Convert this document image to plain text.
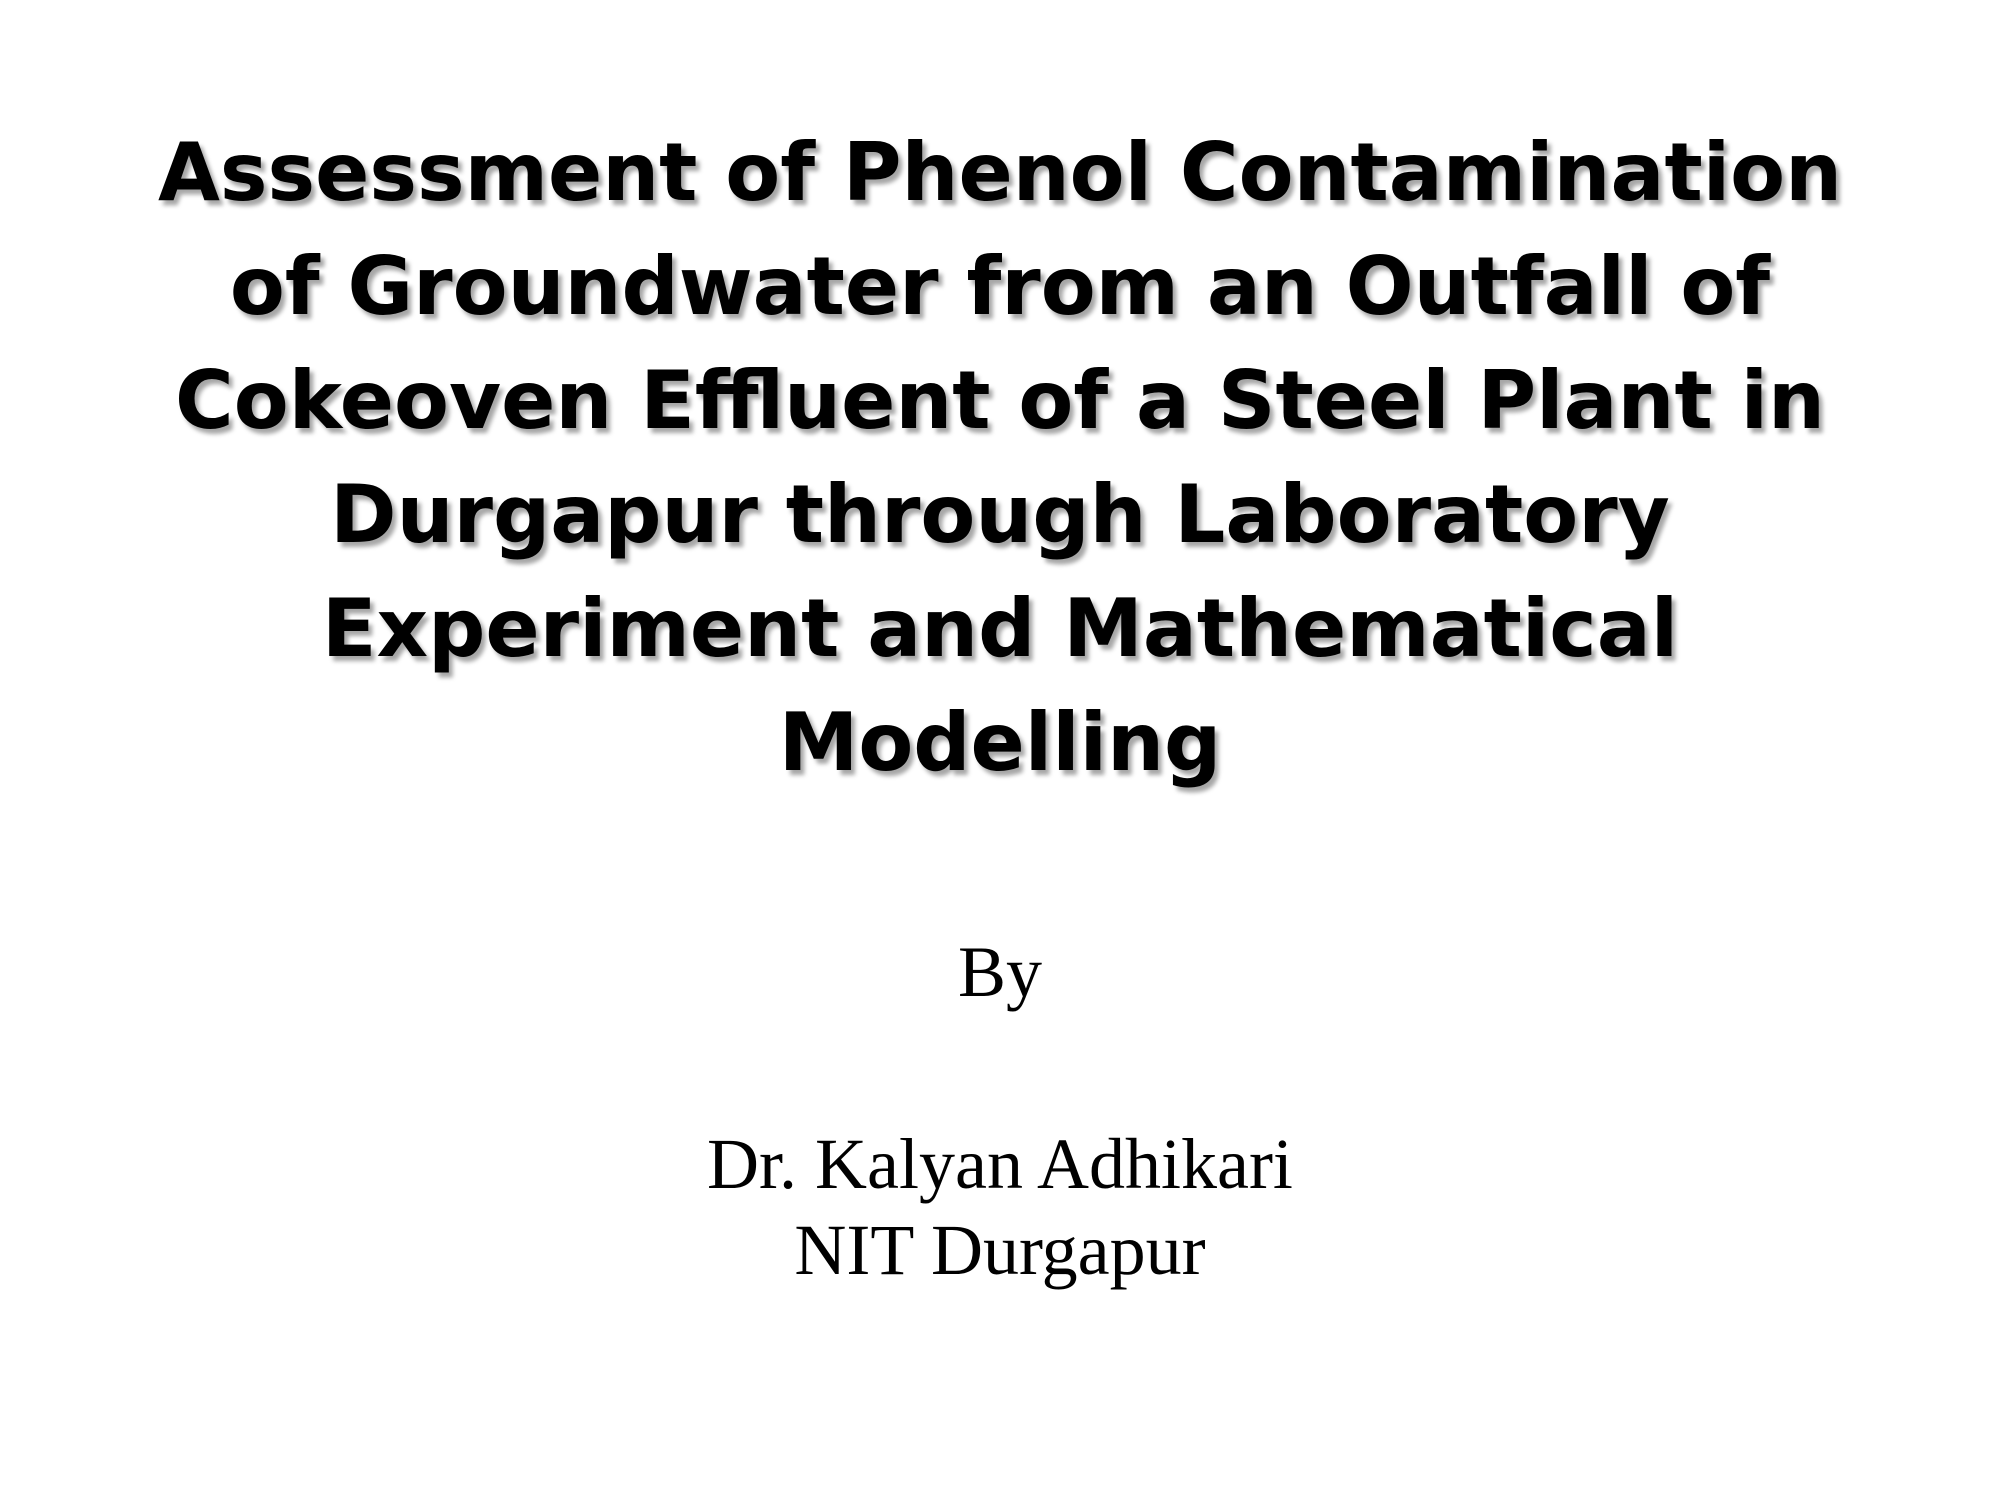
Assessment of Phenol Contamination
of Groundwater from an Outfall of
Cokeoven Effluent of a Steel Plant in
Durgapur through Laboratory
Experiment and Mathematical
Modelling
By
Dr. Kalyan Adhikari
NIT Durgapur
